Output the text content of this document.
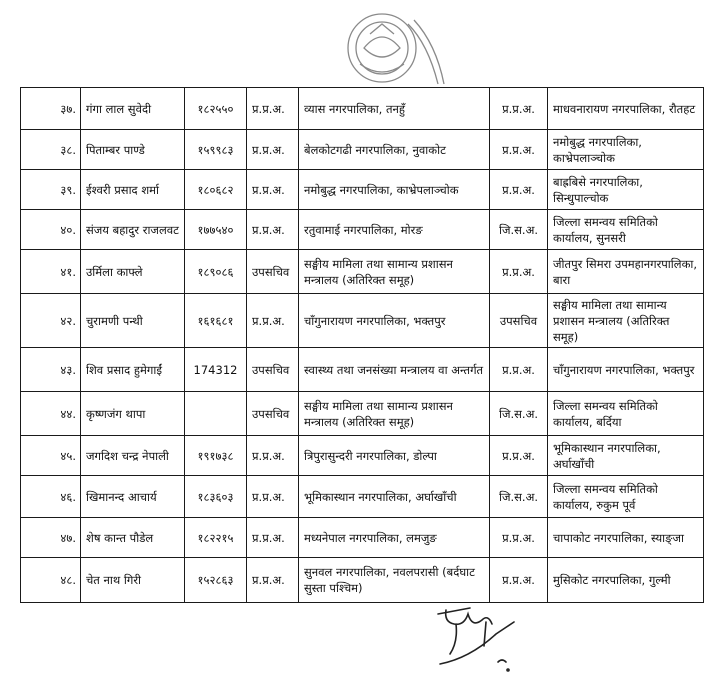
३७.	गंगा लाल सुवेदी	१८२५५०	प्र.प्र.अ.	व्यास नगरपालिका, तनहुँ	प्र.प्र.अ.	माधवनारायण नगरपालिका, रौतहट
३८.	पिताम्बर पाण्डे	१५९९८३	प्र.प्र.अ.	बेलकोटगढी नगरपालिका, नुवाकोट	प्र.प्र.अ.	नमोबुद्ध नगरपालिका, काभ्रेपलाञ्चोक
३९.	ईश्वरी प्रसाद शर्मा	१८०६८२	प्र.प्र.अ.	नमोबुद्ध नगरपालिका, काभ्रेपलाञ्चोक	प्र.प्र.अ.	बाह्रबिसे नगरपालिका, सिन्धुपाल्चोक
४०.	संजय बहादुर राजलवट	१७७५४०	प्र.प्र.अ.	रतुवामाई नगरपालिका, मोरङ	जि.स.अ.	जिल्ला समन्वय समितिको कार्यालय, सुनसरी
४१.	उर्मिला काफ्ले	१८९०८६	उपसचिव	सङ्घीय मामिला तथा सामान्य प्रशासन मन्त्रालय (अतिरिक्त समूह)	प्र.प्र.अ.	जीतपुर सिमरा उपमहानगरपालिका, बारा
४२.	चुरामणी पन्थी	१६१६८१	प्र.प्र.अ.	चाँगुनारायण नगरपालिका, भक्तपुर	उपसचिव	सङ्घीय मामिला तथा सामान्य प्रशासन मन्त्रालय (अतिरिक्त समूह)
४३.	शिव प्रसाद हुमेगाईं	174312	उपसचिव	स्वास्थ्य तथा जनसंख्या मन्त्रालय वा अन्तर्गत	प्र.प्र.अ.	चाँगुनारायण नगरपालिका, भक्तपुर
४४.	कृष्णजंग थापा		उपसचिव	सङ्घीय मामिला तथा सामान्य प्रशासन मन्त्रालय (अतिरिक्त समूह)	जि.स.अ.	जिल्ला समन्वय समितिको कार्यालय, बर्दिया
४५.	जगदिश चन्द्र नेपाली	१९१७३८	प्र.प्र.अ.	त्रिपुरासुन्दरी नगरपालिका, डोल्पा	प्र.प्र.अ.	भूमिकास्थान नगरपालिका, अर्घाखाँची
४६.	खिमानन्द आचार्य	१८३६०३	प्र.प्र.अ.	भूमिकास्थान नगरपालिका, अर्घाखाँची	जि.स.अ.	जिल्ला समन्वय समितिको कार्यालय, रुकुम पूर्व
४७.	शेष कान्त पौडेल	१८२२१५	प्र.प्र.अ.	मध्यनेपाल नगरपालिका, लमजुङ	प्र.प्र.अ.	चापाकोट नगरपालिका, स्याङ्जा
४८.	चेत नाथ गिरी	१५२८६३	प्र.प्र.अ.	सुनवल नगरपालिका, नवलपरासी (बर्दघाट सुस्ता पश्चिम)	प्र.प्र.अ.	मुसिकोट नगरपालिका, गुल्मी
